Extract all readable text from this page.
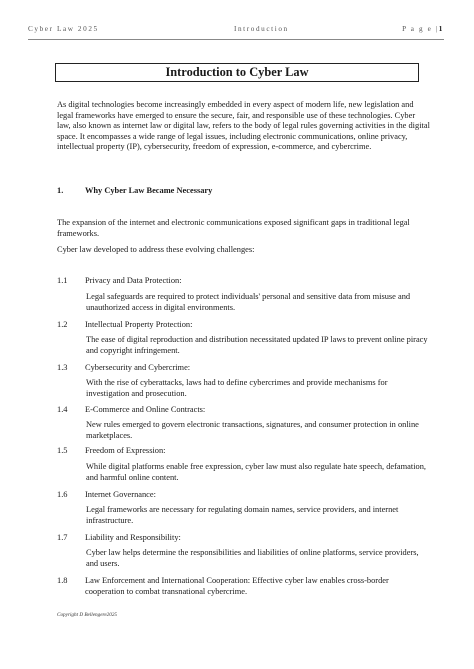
Cyber Law 2025	Introduction	P a g e |1
Introduction to Cyber Law

As digital technologies become increasingly embedded in every aspect of modern life, new legislation and legal frameworks have emerged to ensure the secure, fair, and responsible use of these technologies. Cyber law, also known as internet law or digital law, refers to the body of legal rules governing activities in the digital space. It encompasses a wide range of legal issues, including electronic communications, online privacy, intellectual property (IP), cybersecurity, freedom of expression, e-commerce, and cybercrime.

1.	Why Cyber Law Became Necessary

The expansion of the internet and electronic communications exposed significant gaps in traditional legal frameworks.

Cyber law developed to address these evolving challenges:

1.1	Privacy and Data Protection:
Legal safeguards are required to protect individuals' personal and sensitive data from misuse and unauthorized access in digital environments.
1.2	Intellectual Property Protection:
The ease of digital reproduction and distribution necessitated updated IP laws to prevent online piracy and copyright infringement.
1.3	Cybersecurity and Cybercrime:
With the rise of cyberattacks, laws had to define cybercrimes and provide mechanisms for investigation and prosecution.
1.4	E-Commerce and Online Contracts:
New rules emerged to govern electronic transactions, signatures, and consumer protection in online marketplaces.
1.5	Freedom of Expression:
While digital platforms enable free expression, cyber law must also regulate hate speech, defamation, and harmful online content.
1.6	Internet Governance:
Legal frameworks are necessary for regulating domain names, service providers, and internet infrastructure.
1.7	Liability and Responsibility:
Cyber law helps determine the responsibilities and liabilities of online platforms, service providers, and users.
1.8	Law Enforcement and International Cooperation: Effective cyber law enables cross-border cooperation to combat transnational cybercrime.
Copyright D Bellengere2025
